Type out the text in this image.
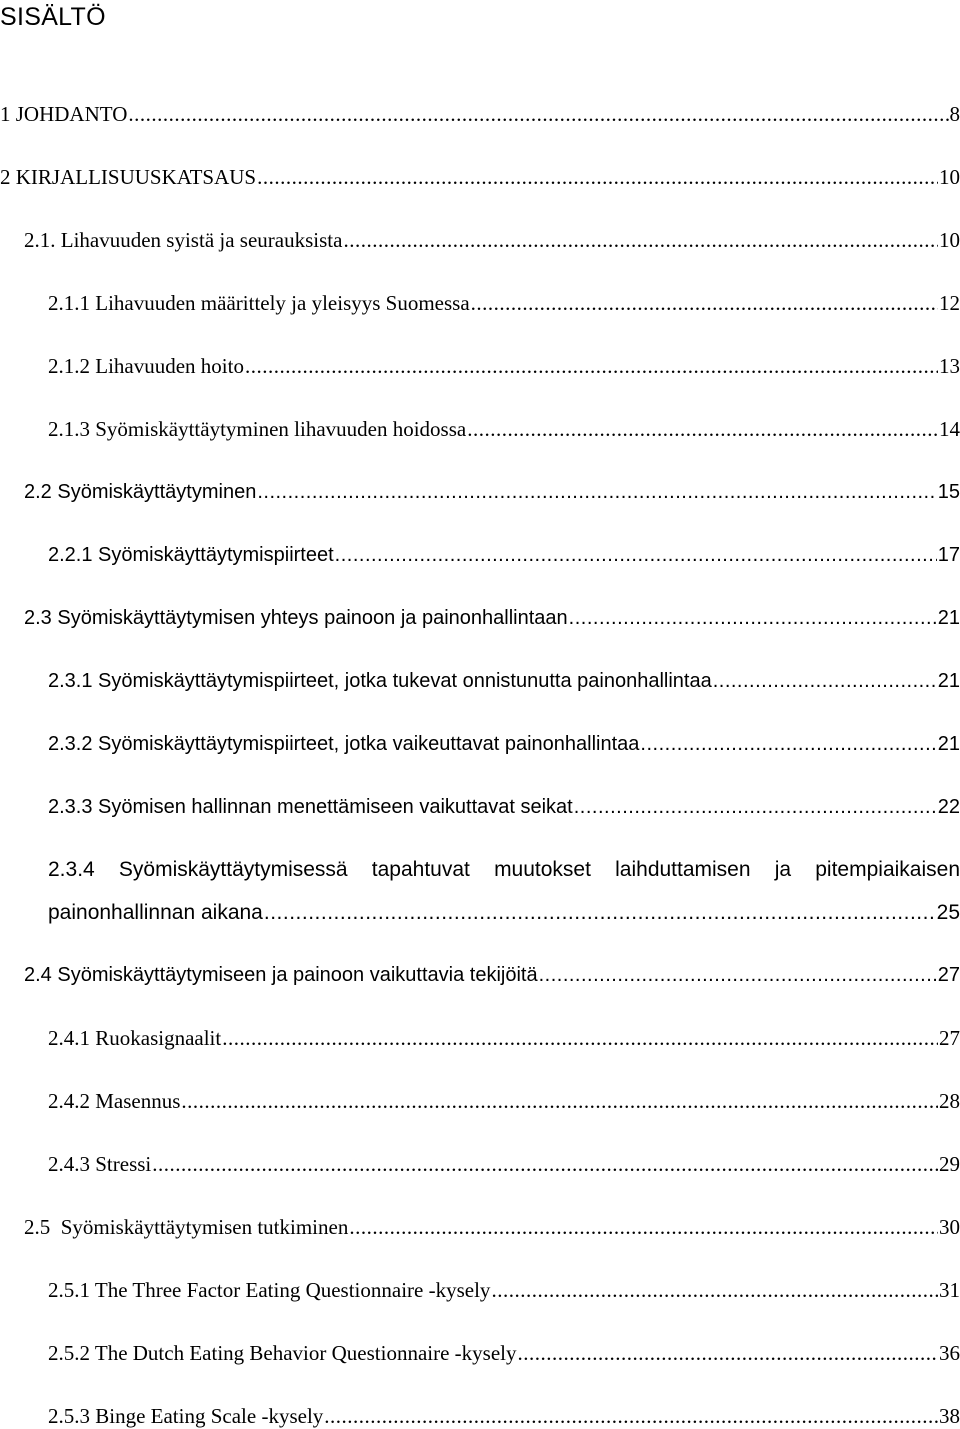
SISÄLTÖ
1 JOHDANTO .....	8
2 KIRJALLISUUSKATSAUS .....	10
2.1. Lihavuuden syistä ja seurauksista .....	10
2.1.1 Lihavuuden määrittely ja yleisyys Suomessa .....	12
2.1.2 Lihavuuden hoito .....	13
2.1.3 Syömiskäyttäytyminen lihavuuden hoidossa .....	14
2.2 Syömiskäyttäytyminen .....	15
2.2.1 Syömiskäyttäytymispiirteet .....	17
2.3 Syömiskäyttäytymisen yhteys painoon ja painonhallintaan .....	21
2.3.1 Syömiskäyttäytymispiirteet, jotka tukevat onnistunutta painonhallintaa .....	21
2.3.2 Syömiskäyttäytymispiirteet, jotka vaikeuttavat painonhallintaa .....	21
2.3.3 Syömisen hallinnan menettämiseen vaikuttavat seikat .....	22
2.3.4 Syömiskäyttäytymisessä tapahtuvat muutokset laihduttamisen ja pitempiaikaisen
painonhallinnan aikana .....	25
2.4 Syömiskäyttäytymiseen ja painoon vaikuttavia tekijöitä .....	27
2.4.1 Ruokasignaalit .....	27
2.4.2 Masennus .....	28
2.4.3 Stressi .....	29
2.5  Syömiskäyttäytymisen tutkiminen .....	30
2.5.1 The Three Factor Eating Questionnaire -kysely .....	31
2.5.2 The Dutch Eating Behavior Questionnaire -kysely .....	36
2.5.3 Binge Eating Scale -kysely .....	38
